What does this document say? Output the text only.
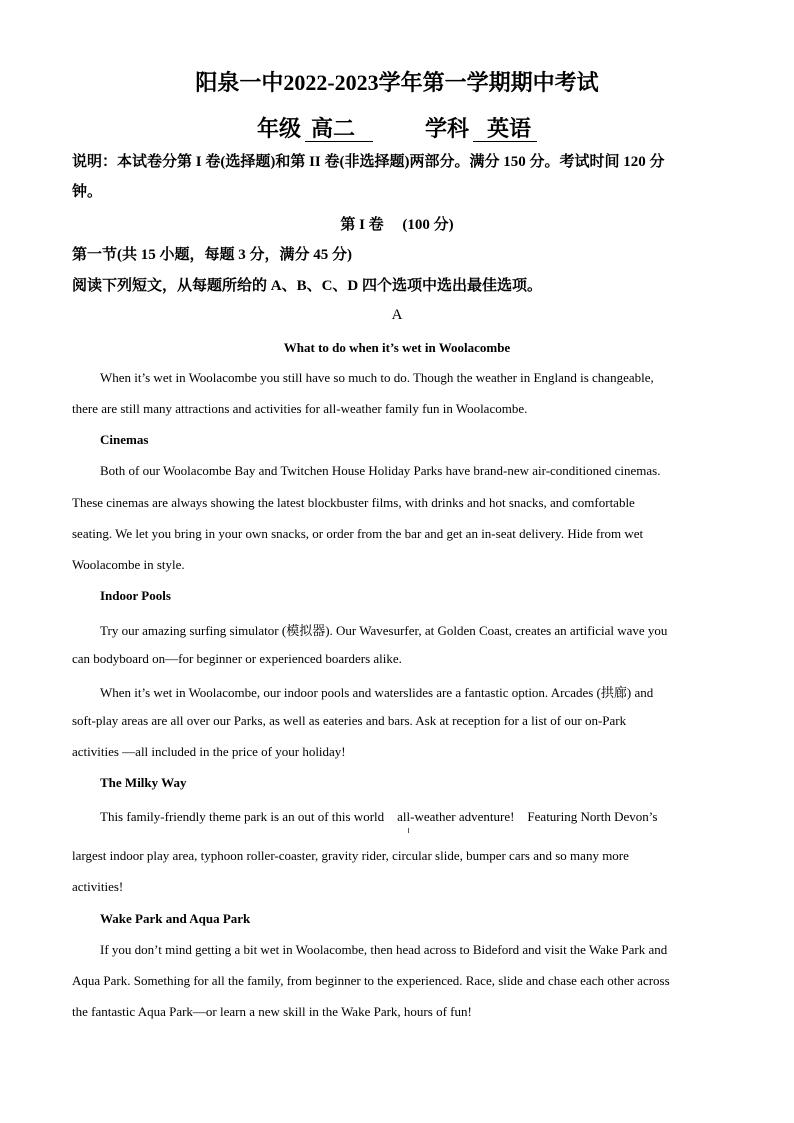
阳泉一中2022-2023学年第一学期期中考试
年级 高二	学科 英语
说明：本试卷分第 I 卷(选择题)和第 II 卷(非选择题)两部分。满分 150 分。考试时间 120 分
钟。
第 I 卷　 (100 分)
第一节(共 15 小题，每题 3 分，满分 45 分)
阅读下列短文，从每题所给的 A、B、C、D 四个选项中选出最佳选项。
A
What to do when it’s wet in Woolacombe
When it’s wet in Woolacombe you still have so much to do. Though the weather in England is changeable,
there are still many attractions and activities for all-weather family fun in Woolacombe.
Cinemas
Both of our Woolacombe Bay and Twitchen House Holiday Parks have brand-new air-conditioned cinemas.
These cinemas are always showing the latest blockbuster films, with drinks and hot snacks, and comfortable
seating. We let you bring in your own snacks, or order from the bar and get an in-seat delivery. Hide from wet
Woolacombe in style.
Indoor Pools
Try our amazing surfing simulator (模拟器). Our Wavesurfer, at Golden Coast, creates an artificial wave you
can bodyboard on—for beginner or experienced boarders alike.
When it’s wet in Woolacombe, our indoor pools and waterslides are a fantastic option. Arcades (拱廊) and
soft-play areas are all over our Parks, as well as eateries and bars. Ask at reception for a list of our on-Park
activities —all included in the price of your holiday!
The Milky Way
This family-friendly theme park is an out of this world　all-weather adventure!　Featuring North Devon’s
largest indoor play area, typhoon roller-coaster, gravity rider, circular slide, bumper cars and so many more
activities!
Wake Park and Aqua Park
If you don’t mind getting a bit wet in Woolacombe, then head across to Bideford and visit the Wake Park and
Aqua Park. Something for all the family, from beginner to the experienced. Race, slide and chase each other across
the fantastic Aqua Park—or learn a new skill in the Wake Park, hours of fun!
